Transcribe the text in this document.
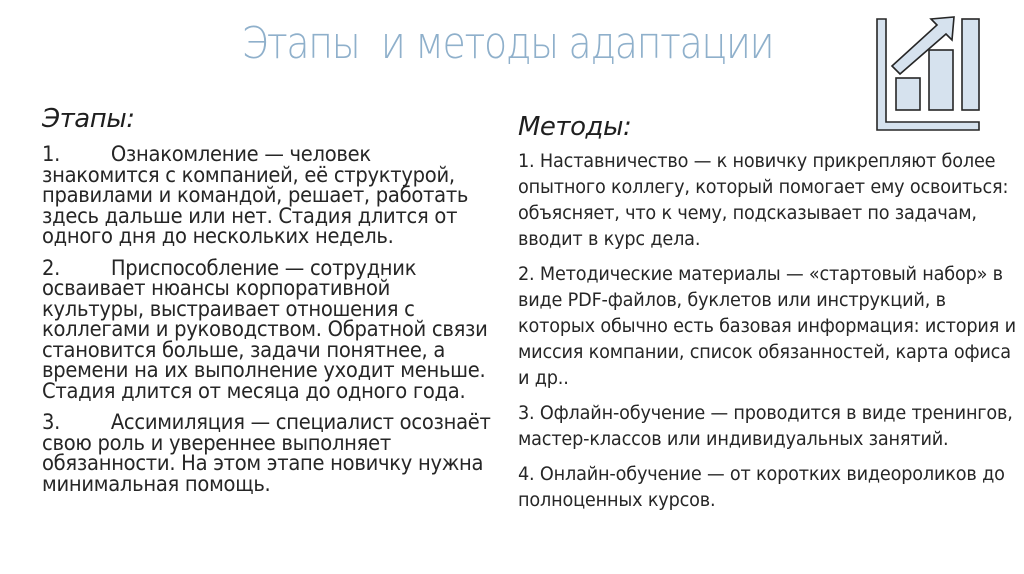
Этапы  и методы адаптации
Этапы:
1. Ознакомление — человек знакомится с компанией, её структурой, правилами и командой, решает, работать здесь дальше или нет. Стадия длится от одного дня до нескольких недель.
2. Приспособление — сотрудник осваивает нюансы корпоративной культуры, выстраивает отношения с коллегами и руководством. Обратной связи становится больше, задачи понятнее, а времени на их выполнение уходит меньше. Стадия длится от месяца до одного года.
3. Ассимиляция — специалист осознаёт свою роль и увереннее выполняет обязанности. На этом этапе новичку нужна минимальная помощь.
Методы:
1. Наставничество — к новичку прикрепляют более опытного коллегу, который помогает ему освоиться: объясняет, что к чему, подсказывает по задачам, вводит в курс дела.
2. Методические материалы — «стартовый набор» в виде PDF-файлов, буклетов или инструкций, в которых обычно есть базовая информация: история и миссия компании, список обязанностей, карта офиса и др..
3. Офлайн-обучение — проводится в виде тренингов, мастер-классов или индивидуальных занятий.
4. Онлайн-обучение — от коротких видеороликов до полноценных курсов.
